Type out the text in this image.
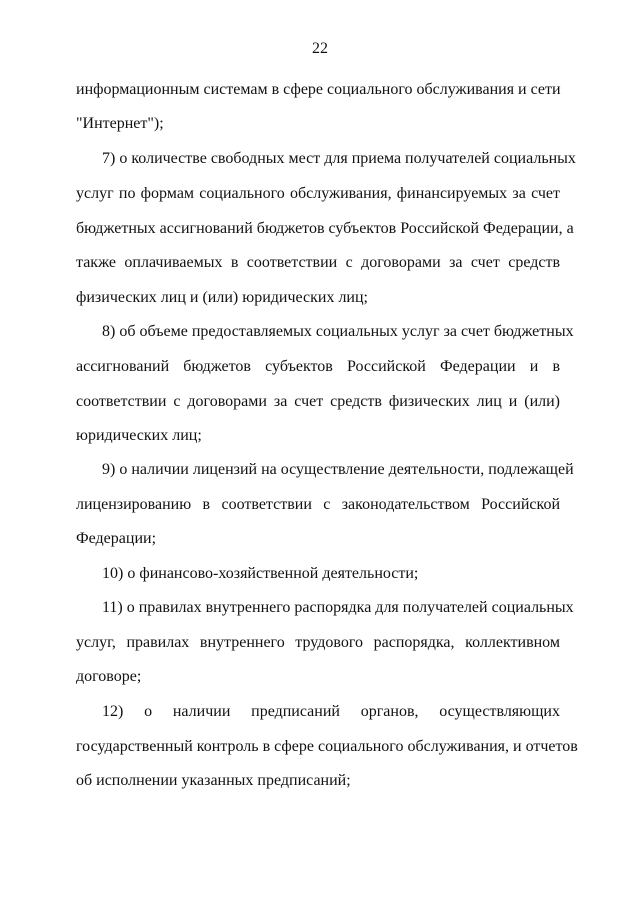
22
информационным системам в сфере социального обслуживания и сети
"Интернет");
7) о количестве свободных мест для приема получателей социальных
услуг по формам социального обслуживания, финансируемых за счет
бюджетных ассигнований бюджетов субъектов Российской Федерации, а
также оплачиваемых в соответствии с договорами за счет средств
физических лиц и (или) юридических лиц;
8) об объеме предоставляемых социальных услуг за счет бюджетных
ассигнований бюджетов субъектов Российской Федерации и в
соответствии с договорами за счет средств физических лиц и (или)
юридических лиц;
9) о наличии лицензий на осуществление деятельности, подлежащей
лицензированию в соответствии с законодательством Российской
Федерации;
10) о финансово-хозяйственной деятельности;
11) о правилах внутреннего распорядка для получателей социальных
услуг, правилах внутреннего трудового распорядка, коллективном
договоре;
12) о наличии предписаний органов, осуществляющих
государственный контроль в сфере социального обслуживания, и отчетов
об исполнении указанных предписаний;
